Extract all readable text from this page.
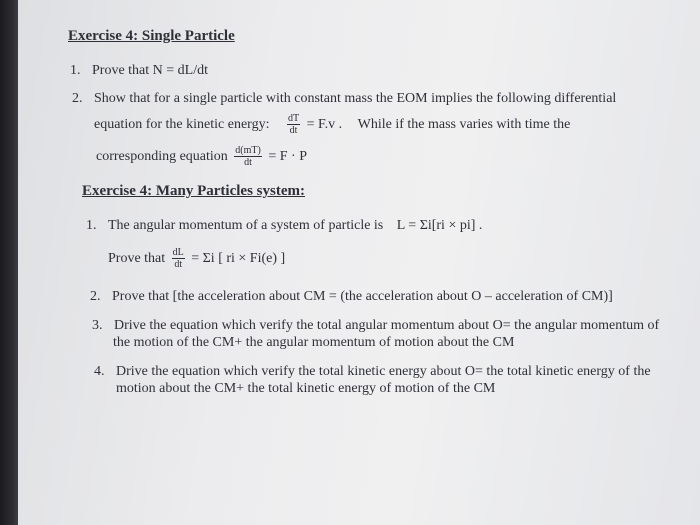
Exercise 4: Single Particle
1. Prove that N = dL/dt
2. Show that for a single particle with constant mass the EOM implies the following differential
equation for the kinetic energy: $\frac{dT}{dt} = F.v$ . While if the mass varies with time the
corresponding equation $\frac{d(mT)}{dt} = F \cdot P$
Exercise 4: Many Particles system:
1. The angular momentum of a system of particle is L = Σi[ri × pi] .
Prove that $\frac{dL}{dt} = \Sigma i$ [ ri × Fi(e) ]
2. Prove that [the acceleration about CM = (the acceleration about O – acceleration of CM)]
3. Drive the equation which verify the total angular momentum about O= the angular momentum of
the motion of the CM+ the angular momentum of motion about the CM
4. Drive the equation which verify the total kinetic energy about O= the total kinetic energy of the
motion about the CM+ the total kinetic energy of motion of the CM
